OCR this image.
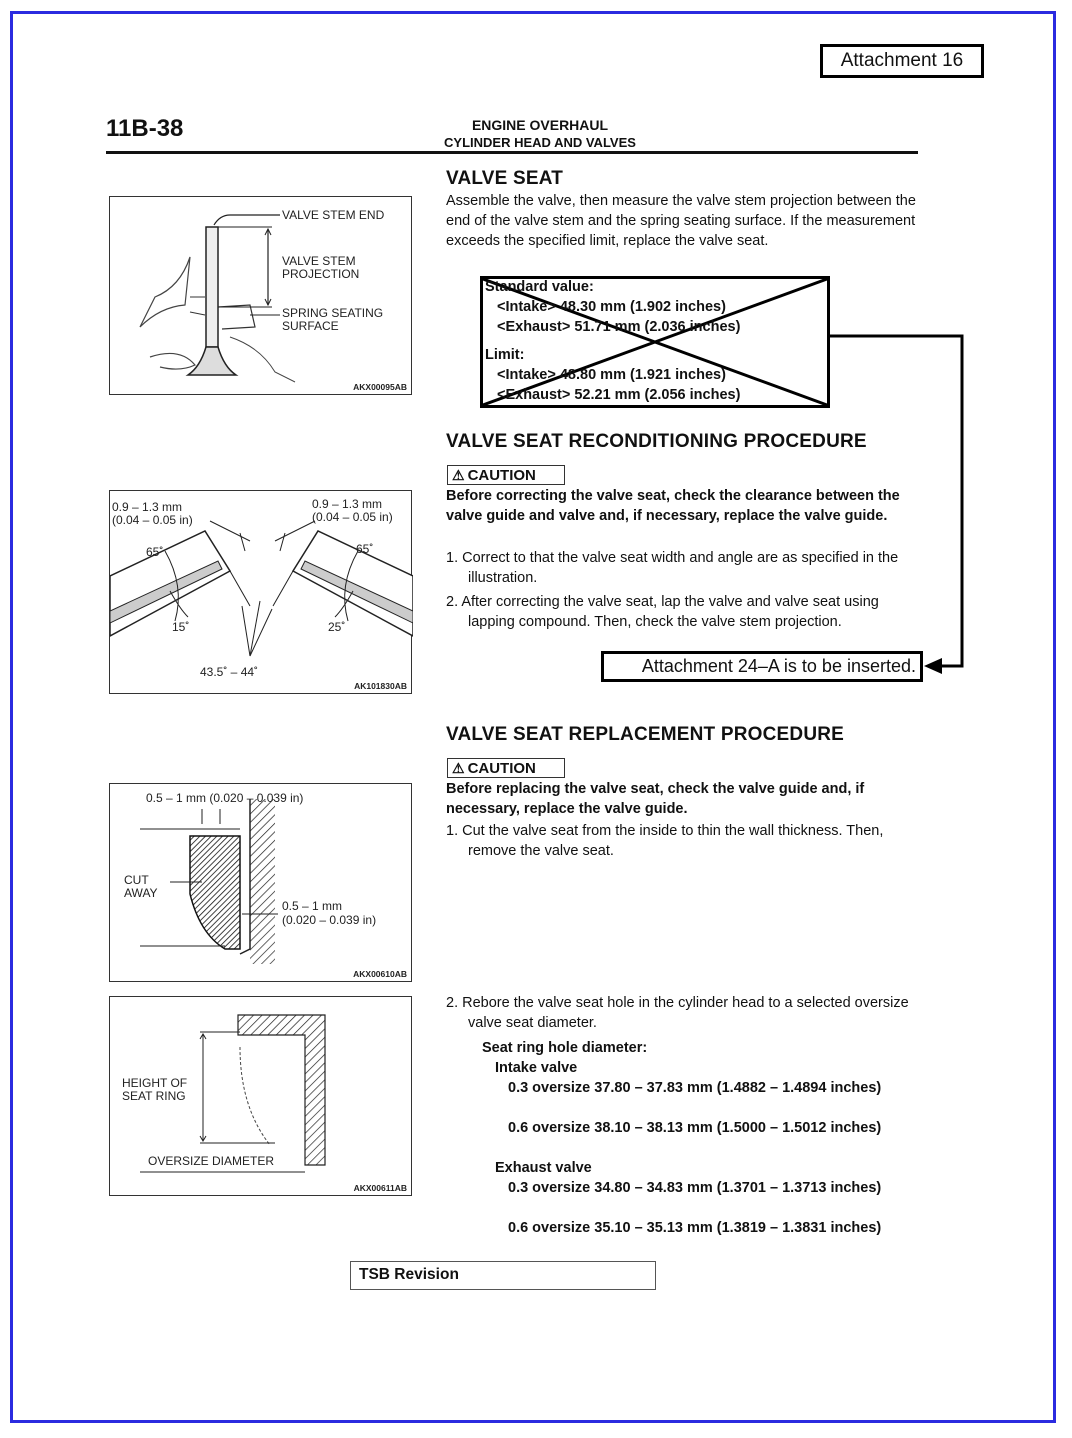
Attachment 16
11B-38	ENGINE OVERHAUL
CYLINDER HEAD AND VALVES
VALVE STEM END
VALVE STEM
PROJECTION
SPRING SEATING
SURFACE
AKX00095AB
VALVE SEAT
Assemble the valve, then measure the valve stem projection between the end of the valve stem and the spring seating surface. If the measurement exceeds the specified limit, replace the valve seat.
Standard value:
<Intake> 48.30 mm (1.902 inches)
<Exhaust> 51.71 mm (2.036 inches)
Limit:
<Intake> 48.80 mm (1.921 inches)
<Exhaust> 52.21 mm (2.056 inches)
VALVE SEAT RECONDITIONING PROCEDURE
⚠ CAUTION
Before correcting the valve seat, check the clearance between the valve guide and valve and, if necessary, replace the valve guide.
1. Correct to that the valve seat width and angle are as specified in the illustration.
2. After correcting the valve seat, lap the valve and valve seat using lapping compound. Then, check the valve stem projection.
Attachment 24–A is to be inserted.
0.9 – 1.3 mm
(0.04 – 0.05 in)
0.9 – 1.3 mm
(0.04 – 0.05 in)
65˚	65˚
15˚	25˚
43.5˚ – 44˚
AK101830AB
VALVE SEAT REPLACEMENT PROCEDURE
⚠ CAUTION
Before replacing the valve seat, check the valve guide and, if necessary, replace the valve guide.
1. Cut the valve seat from the inside to thin the wall thickness. Then, remove the valve seat.
0.5 – 1 mm (0.020 – 0.039 in)
CUT
AWAY
0.5 – 1 mm
(0.020 – 0.039 in)
AKX00610AB
HEIGHT OF
SEAT RING
OVERSIZE DIAMETER
AKX00611AB
2. Rebore the valve seat hole in the cylinder head to a selected oversize valve seat diameter.
Seat ring hole diameter:
Intake valve
0.3 oversize 37.80 – 37.83 mm (1.4882 – 1.4894 inches)
0.6 oversize 38.10 – 38.13 mm (1.5000 – 1.5012 inches)
Exhaust valve
0.3 oversize 34.80 – 34.83 mm (1.3701 – 1.3713 inches)
0.6 oversize 35.10 – 35.13 mm (1.3819 – 1.3831 inches)
TSB Revision
